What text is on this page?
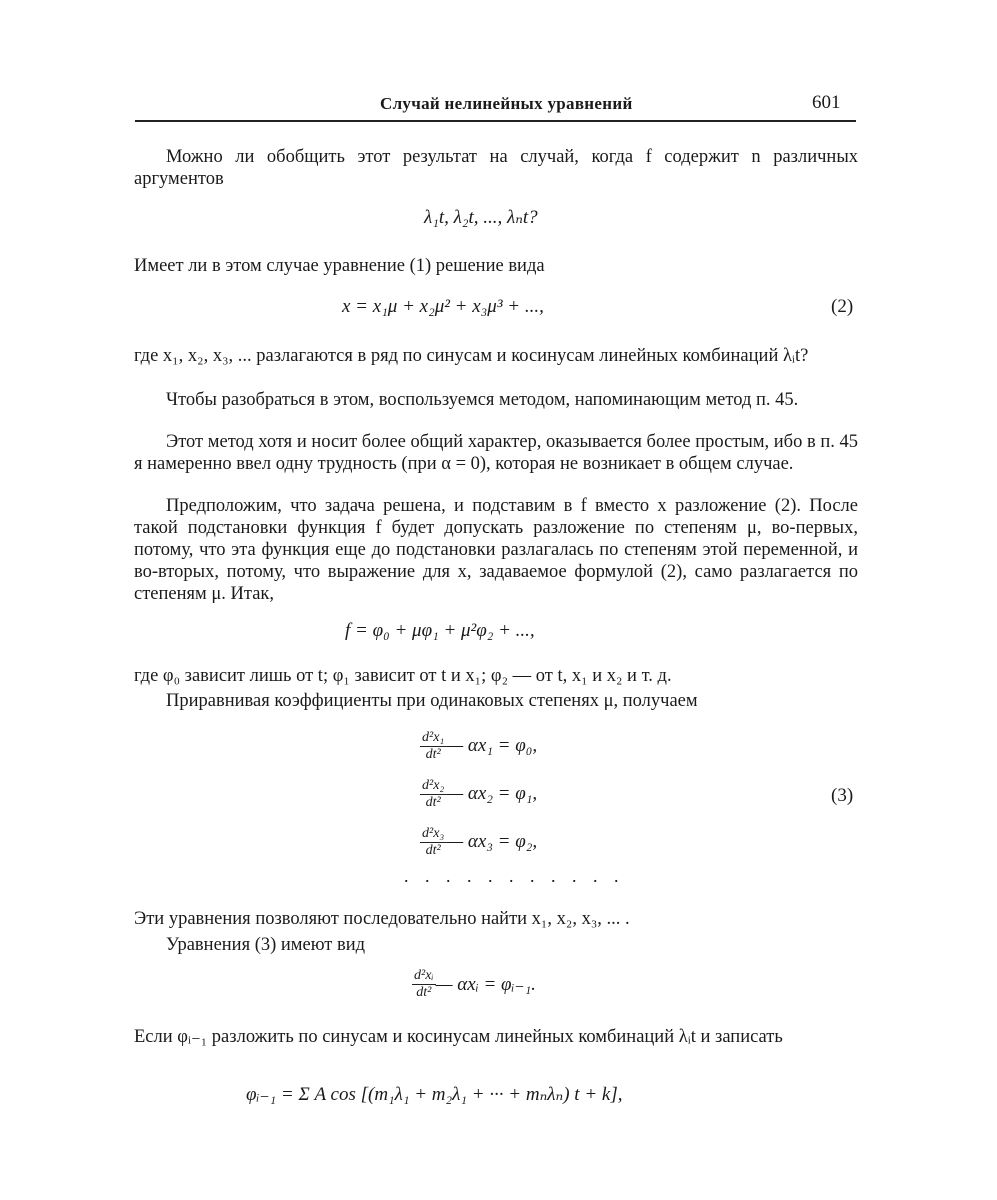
Случай нелинейных уравнений	601
Можно ли обобщить этот результат на случай, когда f содержит n различных аргументов
λ₁t, λ₂t, ..., λₙt?
Имеет ли в этом случае уравнение (1) решение вида
x = x₁μ + x₂μ² + x₃μ³ + ...,	(2)
где x₁, x₂, x₃, ... разлагаются в ряд по синусам и косинусам линейных комбинаций λᵢt?
Чтобы разобраться в этом, воспользуемся методом, напоминающим метод п. 45.
Этот метод хотя и носит более общий характер, оказывается более простым, ибо в п. 45 я намеренно ввел одну трудность (при α = 0), которая не возникает в общем случае.
Предположим, что задача решена, и подставим в f вместо x разложение (2). После такой подстановки функция f будет допускать разложение по степеням μ, во-первых, потому, что эта функция еще до подстановки разлагалась по степеням этой переменной, и во-вторых, потому, что выражение для x, задаваемое формулой (2), само разлагается по степеням μ. Итак,
f = φ₀ + μφ₁ + μ²φ₂ + ...,
где φ₀ зависит лишь от t; φ₁ зависит от t и x₁; φ₂ — от t, x₁ и x₂ и т. д.
Приравнивая коэффициенты при одинаковых степенях μ, получаем
$\frac{\text{d²x₁}}{\text{dt²}}$ — αx₁ = φ₀,
$\frac{\text{d²x₂}}{\text{dt²}}$ — αx₂ = φ₁,
$\frac{\text{d²x₃}}{\text{dt²}}$ — αx₃ = φ₂,
. . . . . . . . . . .
(3)
Эти уравнения позволяют последовательно найти x₁, x₂, x₃, ... .
Уравнения (3) имеют вид
$\frac{\text{d²xᵢ}}{\text{dt²}}$ — αxᵢ = φᵢ₋₁.
Если φᵢ₋₁ разложить по синусам и косинусам линейных комбинаций λᵢt и записать
φᵢ₋₁ = Σ A cos [(m₁λ₁ + m₂λ₁ + ··· + mₙλₙ) t + k],
